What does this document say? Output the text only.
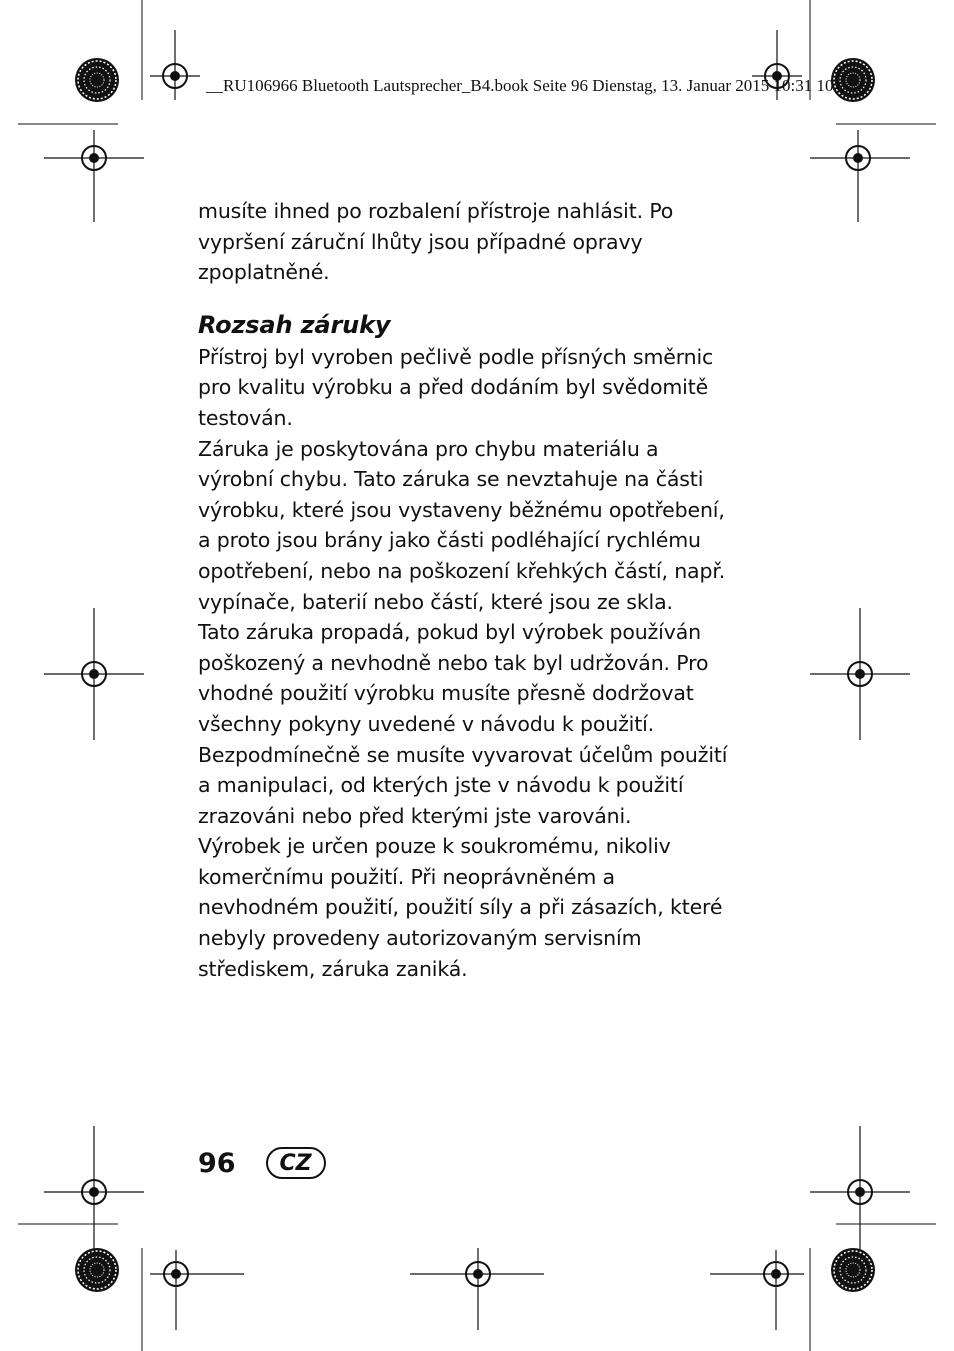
__RU106966 Bluetooth Lautsprecher_B4.book Seite 96 Dienstag, 13. Januar 2015 10:31 10

musíte ihned po rozbalení přístroje nahlásit. Po vypršení záruční lhůty jsou případné opravy zpoplatněné.

Rozsah záruky

Přístroj byl vyroben pečlivě podle přísných směrnic pro kvalitu výrobku a před dodáním byl svědomitě testován.

Záruka je poskytována pro chybu materiálu a výrobní chybu. Tato záruka se nevztahuje na části výrobku, které jsou vystaveny běžnému opotřebení, a proto jsou brány jako části podléhající rychlému opotřebení, nebo na poškození křehkých částí, např. vypínače, baterií nebo částí, které jsou ze skla.

Tato záruka propadá, pokud byl výrobek používán poškozený a nevhodně nebo tak byl udržován. Pro vhodné použití výrobku musíte přesně dodržovat všechny pokyny uvedené v návodu k použití. Bezpodmínečně se musíte vyvarovat účelům použití a manipulaci, od kterých jste v návodu k použití zrazováni nebo před kterými jste varováni.

Výrobek je určen pouze k soukromému, nikoliv komerčnímu použití. Při neoprávněném a nevhodném použití, použití síly a při zásazích, které nebyly provedeny autorizovaným servisním střediskem, záruka zaniká.

96 CZ
